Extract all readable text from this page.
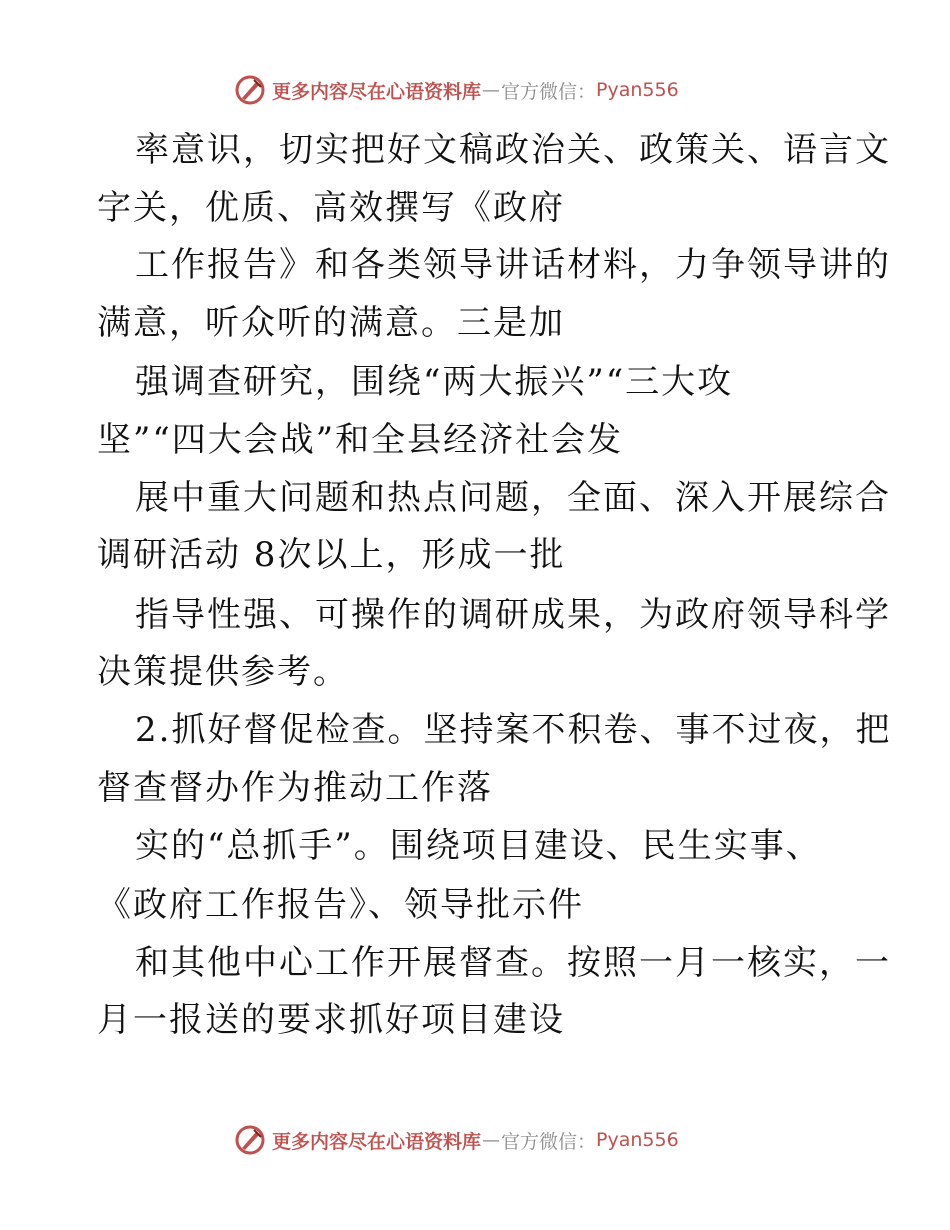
更多内容尽在心语资料库 — 官方微信： Pyan556
率意识，切实把好文稿政治关、政策关、语言文
字关，优质、高效撰写《政府
工作报告》和各类领导讲话材料，力争领导讲的
满意，听众听的满意。三是加
强调查研究，围绕“两大振兴”“三大攻
坚”“四大会战”和全县经济社会发
展中重大问题和热点问题，全面、深入开展综合
调研活动 8次以上，形成一批
指导性强、可操作的调研成果，为政府领导科学
决策提供参考。
2.抓好督促检查。坚持案不积卷、事不过夜，把
督查督办作为推动工作落
实的“总抓手”。围绕项目建设、民生实事、
《政府工作报告》、领导批示件
和其他中心工作开展督查。按照一月一核实，一
月一报送的要求抓好项目建设
更多内容尽在心语资料库 — 官方微信： Pyan556
